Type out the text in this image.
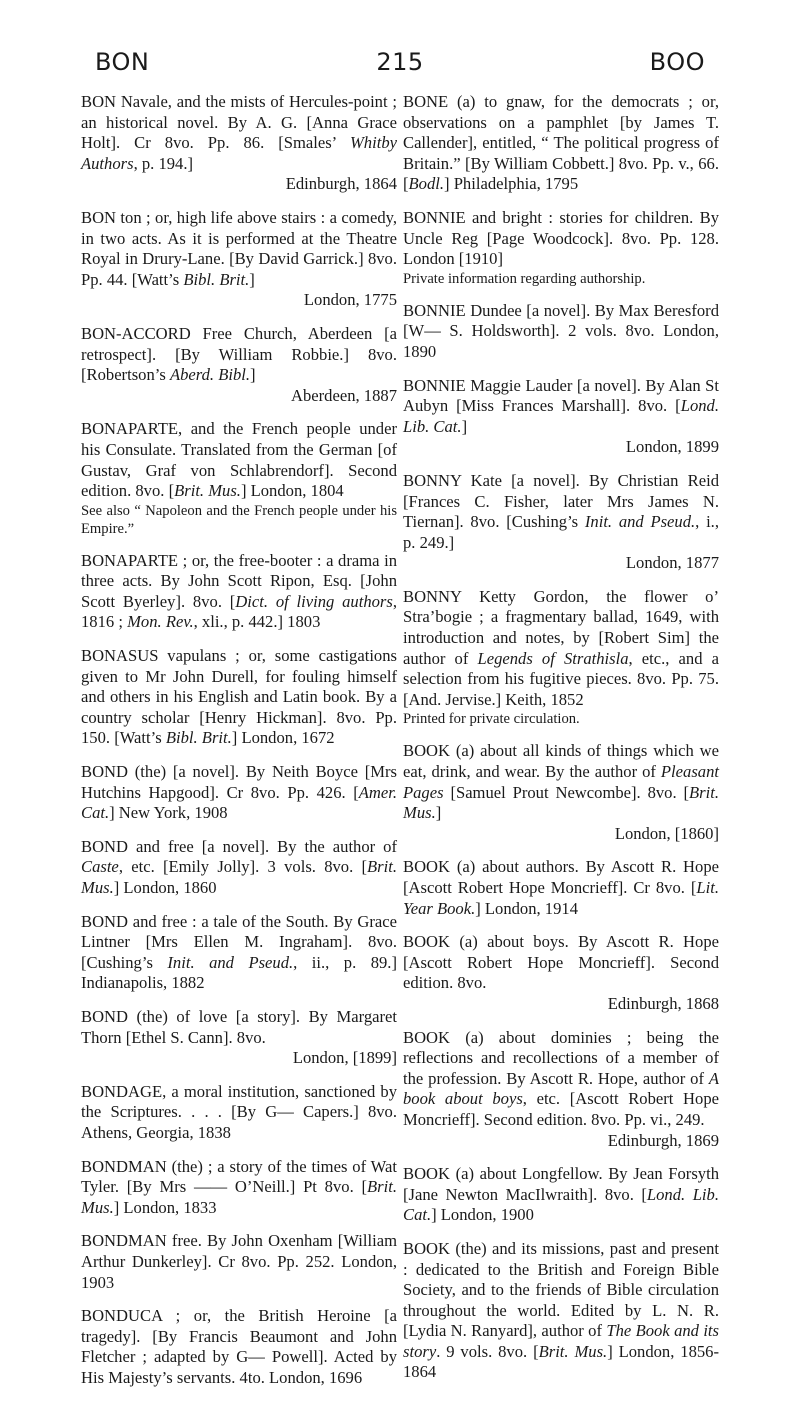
BON	215	BOO

BON Navale, and the mists of Hercules-point ; an historical novel. By A. G. [Anna Grace Holt]. Cr 8vo. Pp. 86. [Smales’ Whitby Authors, p. 194.]

Edinburgh, 1864

BON ton ; or, high life above stairs : a comedy, in two acts. As it is performed at the Theatre Royal in Drury-Lane. [By David Garrick.] 8vo. Pp. 44. [Watt’s Bibl. Brit.]

London, 1775

BON-ACCORD Free Church, Aberdeen [a retrospect]. [By William Robbie.] 8vo. [Robertson’s Aberd. Bibl.]

Aberdeen, 1887

BONAPARTE, and the French people under his Consulate. Translated from the German [of Gustav, Graf von Schlabrendorf]. Second edition. 8vo. [Brit. Mus.] London, 1804

See also “ Napoleon and the French people under his Empire.”

BONAPARTE ; or, the free-booter : a drama in three acts. By John Scott Ripon, Esq. [John Scott Byerley]. 8vo. [Dict. of living authors, 1816 ; Mon. Rev., xli., p. 442.] 1803

BONASUS vapulans ; or, some castigations given to Mr John Durell, for fouling himself and others in his English and Latin book. By a country scholar [Henry Hickman]. 8vo. Pp. 150. [Watt’s Bibl. Brit.] London, 1672

BOND (the) [a novel]. By Neith Boyce [Mrs Hutchins Hapgood]. Cr 8vo. Pp. 426. [Amer. Cat.] New York, 1908

BOND and free [a novel]. By the author of Caste, etc. [Emily Jolly]. 3 vols. 8vo. [Brit. Mus.] London, 1860

BOND and free : a tale of the South. By Grace Lintner [Mrs Ellen M. Ingraham]. 8vo. [Cushing’s Init. and Pseud., ii., p. 89.] Indianapolis, 1882

BOND (the) of love [a story]. By Margaret Thorn [Ethel S. Cann]. 8vo.

London, [1899]

BONDAGE, a moral institution, sanctioned by the Scriptures. . . . [By G— Capers.] 8vo. Athens, Georgia, 1838

BONDMAN (the) ; a story of the times of Wat Tyler. [By Mrs —— O’Neill.] Pt 8vo. [Brit. Mus.] London, 1833

BONDMAN free. By John Oxenham [William Arthur Dunkerley]. Cr 8vo. Pp. 252. London, 1903

BONDUCA ; or, the British Heroine [a tragedy]. [By Francis Beaumont and John Fletcher ; adapted by G— Powell]. Acted by His Majesty’s servants. 4to. London, 1696

BONE (a) to gnaw, for the democrats ; or, observations on a pamphlet [by James T. Callender], entitled, “ The political progress of Britain.” [By William Cobbett.] 8vo. Pp. v., 66. [Bodl.] Philadelphia, 1795

BONNIE and bright : stories for children. By Uncle Reg [Page Woodcock]. 8vo. Pp. 128. London [1910]

Private information regarding authorship.

BONNIE Dundee [a novel]. By Max Beresford [W— S. Holdsworth]. 2 vols. 8vo. London, 1890

BONNIE Maggie Lauder [a novel]. By Alan St Aubyn [Miss Frances Marshall]. 8vo. [Lond. Lib. Cat.]

London, 1899

BONNY Kate [a novel]. By Christian Reid [Frances C. Fisher, later Mrs James N. Tiernan]. 8vo. [Cushing’s Init. and Pseud., i., p. 249.]

London, 1877

BONNY Ketty Gordon, the flower o’ Stra’bogie ; a fragmentary ballad, 1649, with introduction and notes, by [Robert Sim] the author of Legends of Strathisla, etc., and a selection from his fugitive pieces. 8vo. Pp. 75. [And. Jervise.] Keith, 1852

Printed for private circulation.

BOOK (a) about all kinds of things which we eat, drink, and wear. By the author of Pleasant Pages [Samuel Prout Newcombe]. 8vo. [Brit. Mus.]

London, [1860]

BOOK (a) about authors. By Ascott R. Hope [Ascott Robert Hope Moncrieff]. Cr 8vo. [Lit. Year Book.] London, 1914

BOOK (a) about boys. By Ascott R. Hope [Ascott Robert Hope Moncrieff]. Second edition. 8vo.

Edinburgh, 1868

BOOK (a) about dominies ; being the reflections and recollections of a member of the profession. By Ascott R. Hope, author of A book about boys, etc. [Ascott Robert Hope Moncrieff]. Second edition. 8vo. Pp. vi., 249.

Edinburgh, 1869

BOOK (a) about Longfellow. By Jean Forsyth [Jane Newton MacIlwraith]. 8vo. [Lond. Lib. Cat.] London, 1900

BOOK (the) and its missions, past and present : dedicated to the British and Foreign Bible Society, and to the friends of Bible circulation throughout the world. Edited by L. N. R. [Lydia N. Ranyard], author of The Book and its story. 9 vols. 8vo. [Brit. Mus.] London, 1856-1864
